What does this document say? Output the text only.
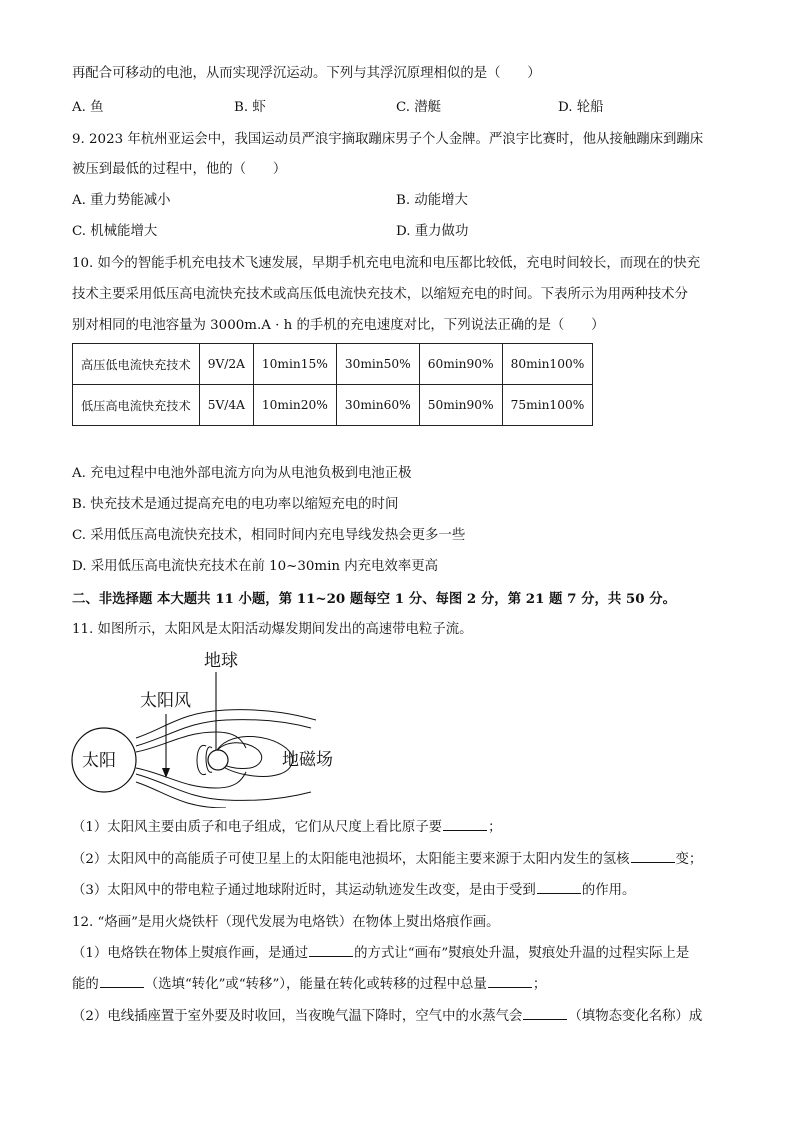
再配合可移动的电池，从而实现浮沉运动。下列与其浮沉原理相似的是（　　）
A. 鱼	B. 虾	C. 潜艇	D. 轮船
9. 2023 年杭州亚运会中，我国运动员严浪宇摘取蹦床男子个人金牌。严浪宇比赛时，他从接触蹦床到蹦床
被压到最低的过程中，他的（　　）
A. 重力势能减小	B. 动能增大
C. 机械能增大	D. 重力做功
10. 如今的智能手机充电技术飞速发展，早期手机充电电流和电压都比较低，充电时间较长，而现在的快充
技术主要采用低压高电流快充技术或高压低电流快充技术，以缩短充电的时间。下表所示为用两种技术分
别对相同的电池容量为 3000m.A · h 的手机的充电速度对比，下列说法正确的是（　　）
高压低电流快充技术	9V/2A	10min15%	30min50%	60min90%	80min100%
低压高电流快充技术	5V/4A	10min20%	30min60%	50min90%	75min100%
A. 充电过程中电池外部电流方向为从电池负极到电池正极
B. 快充技术是通过提高充电的电功率以缩短充电的时间
C. 采用低压高电流快充技术，相同时间内充电导线发热会更多一些
D. 采用低压高电流快充技术在前 10~30min 内充电效率更高
二、非选择题 本大题共 11 小题，第 11~20 题每空 1 分、每图 2 分，第 21 题 7 分，共 50 分。
11. 如图所示，太阳风是太阳活动爆发期间发出的高速带电粒子流。
太阳
太阳风
地球
地磁场
（1）太阳风主要由质子和电子组成，它们从尺度上看比原子要	；
（2）太阳风中的高能质子可使卫星上的太阳能电池损坏，太阳能主要来源于太阳内发生的氢核	变；
（3）太阳风中的带电粒子通过地球附近时，其运动轨迹发生改变，是由于受到	的作用。
12. “烙画”是用火烧铁杆（现代发展为电烙铁）在物体上熨出烙痕作画。
（1）电烙铁在物体上熨痕作画，是通过	的方式让“画布”熨痕处升温，熨痕处升温的过程实际上是
能的	（选填“转化”或“转移”），能量在转化或转移的过程中总量	；
（2）电线插座置于室外要及时收回，当夜晚气温下降时，空气中的水蒸气会	（填物态变化名称）成
